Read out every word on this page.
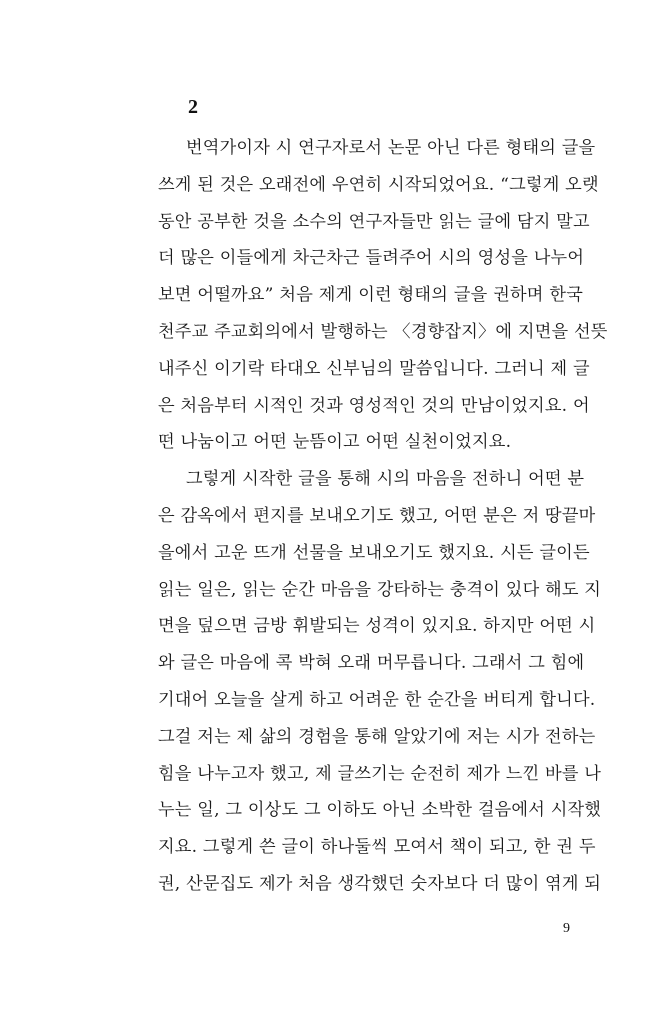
2
번역가이자 시 연구자로서 논문 아닌 다른 형태의 글을
쓰게 된 것은 오래전에 우연히 시작되었어요. “그렇게 오랫
동안 공부한 것을 소수의 연구자들만 읽는 글에 담지 말고
더 많은 이들에게 차근차근 들려주어 시의 영성을 나누어
보면 어떨까요” 처음 제게 이런 형태의 글을 권하며 한국
천주교 주교회의에서 발행하는 〈경향잡지〉에 지면을 선뜻
내주신 이기락 타대오 신부님의 말씀입니다. 그러니 제 글
은 처음부터 시적인 것과 영성적인 것의 만남이었지요. 어
떤 나눔이고 어떤 눈뜸이고 어떤 실천이었지요.
그렇게 시작한 글을 통해 시의 마음을 전하니 어떤 분
은 감옥에서 편지를 보내오기도 했고, 어떤 분은 저 땅끝마
을에서 고운 뜨개 선물을 보내오기도 했지요. 시든 글이든
읽는 일은, 읽는 순간 마음을 강타하는 충격이 있다 해도 지
면을 덮으면 금방 휘발되는 성격이 있지요. 하지만 어떤 시
와 글은 마음에 콕 박혀 오래 머무릅니다. 그래서 그 힘에
기대어 오늘을 살게 하고 어려운 한 순간을 버티게 합니다.
그걸 저는 제 삶의 경험을 통해 알았기에 저는 시가 전하는
힘을 나누고자 했고, 제 글쓰기는 순전히 제가 느낀 바를 나
누는 일, 그 이상도 그 이하도 아닌 소박한 걸음에서 시작했
지요. 그렇게 쓴 글이 하나둘씩 모여서 책이 되고, 한 권 두
권, 산문집도 제가 처음 생각했던 숫자보다 더 많이 엮게 되
9
